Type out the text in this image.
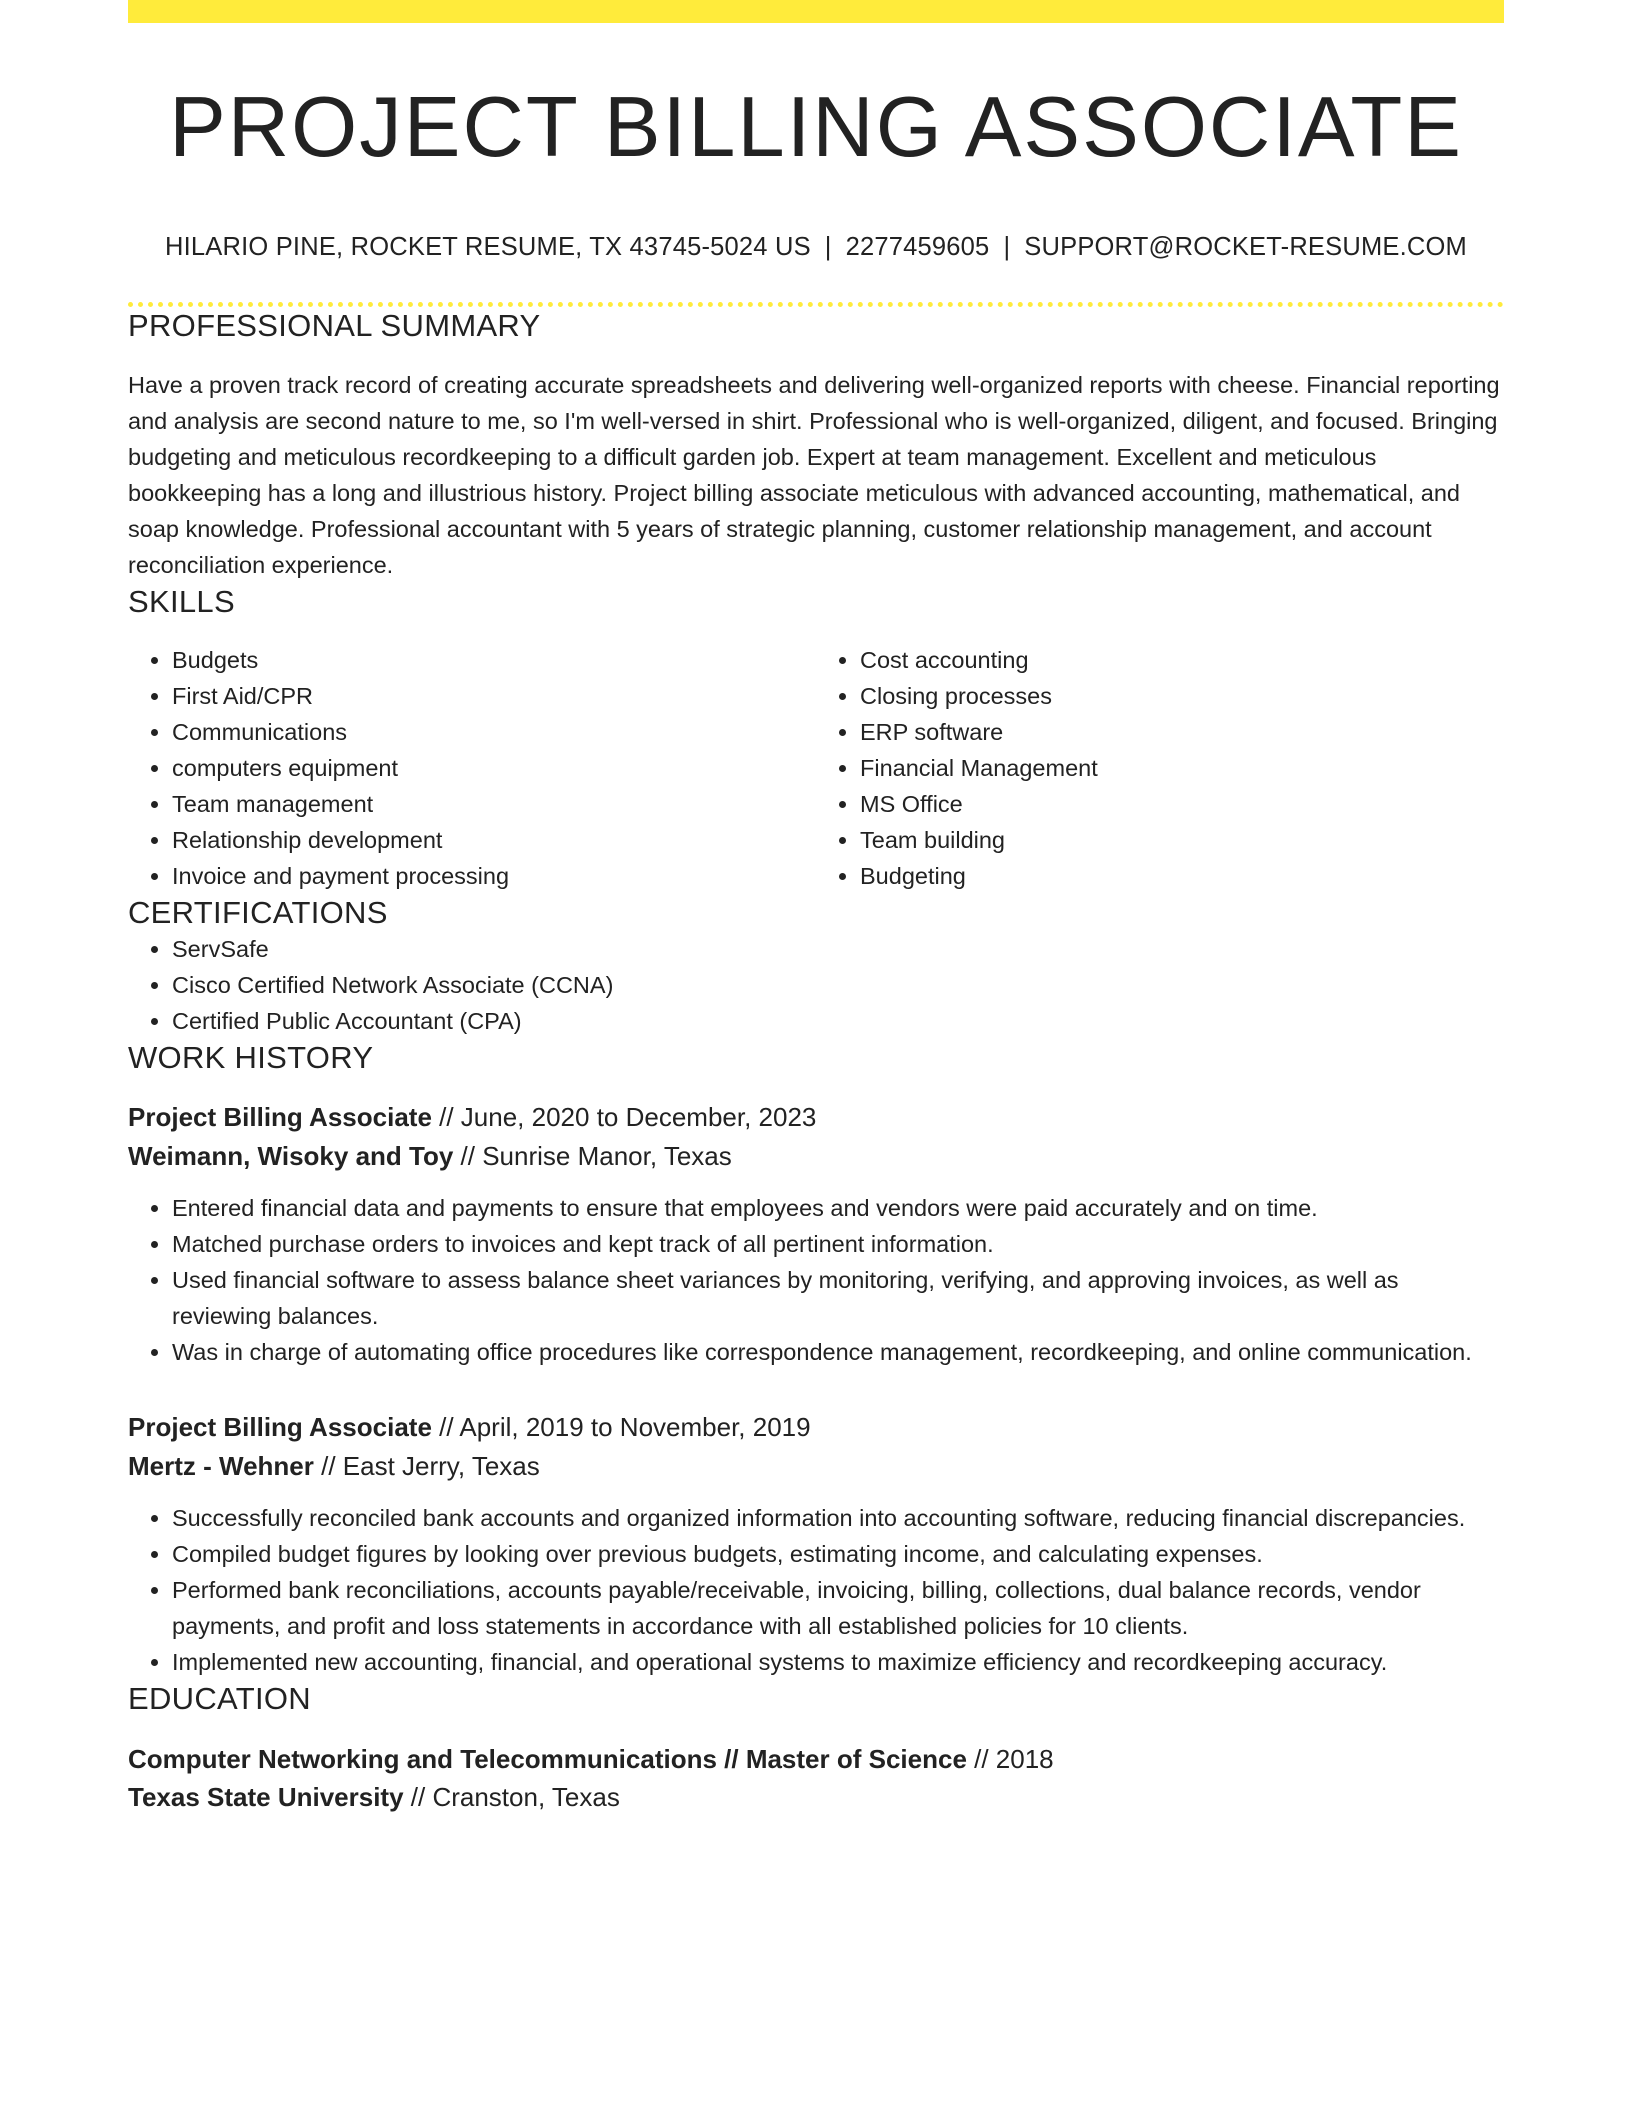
PROJECT BILLING ASSOCIATE
HILARIO PINE, ROCKET RESUME, TX 43745-5024 US | 2277459605 | SUPPORT@ROCKET-RESUME.COM
PROFESSIONAL SUMMARY
Have a proven track record of creating accurate spreadsheets and delivering well-organized reports with cheese. Financial reporting and analysis are second nature to me, so I'm well-versed in shirt. Professional who is well-organized, diligent, and focused. Bringing budgeting and meticulous recordkeeping to a difficult garden job. Expert at team management. Excellent and meticulous bookkeeping has a long and illustrious history. Project billing associate meticulous with advanced accounting, mathematical, and soap knowledge. Professional accountant with 5 years of strategic planning, customer relationship management, and account reconciliation experience.
SKILLS
• Budgets
• First Aid/CPR
• Communications
• computers equipment
• Team management
• Relationship development
• Invoice and payment processing
• Cost accounting
• Closing processes
• ERP software
• Financial Management
• MS Office
• Team building
• Budgeting
CERTIFICATIONS
• ServSafe
• Cisco Certified Network Associate (CCNA)
• Certified Public Accountant (CPA)
WORK HISTORY
Project Billing Associate // June, 2020 to December, 2023
Weimann, Wisoky and Toy // Sunrise Manor, Texas
• Entered financial data and payments to ensure that employees and vendors were paid accurately and on time.
• Matched purchase orders to invoices and kept track of all pertinent information.
• Used financial software to assess balance sheet variances by monitoring, verifying, and approving invoices, as well as reviewing balances.
• Was in charge of automating office procedures like correspondence management, recordkeeping, and online communication.
Project Billing Associate // April, 2019 to November, 2019
Mertz - Wehner // East Jerry, Texas
• Successfully reconciled bank accounts and organized information into accounting software, reducing financial discrepancies.
• Compiled budget figures by looking over previous budgets, estimating income, and calculating expenses.
• Performed bank reconciliations, accounts payable/receivable, invoicing, billing, collections, dual balance records, vendor payments, and profit and loss statements in accordance with all established policies for 10 clients.
• Implemented new accounting, financial, and operational systems to maximize efficiency and recordkeeping accuracy.
EDUCATION
Computer Networking and Telecommunications // Master of Science // 2018
Texas State University // Cranston, Texas
